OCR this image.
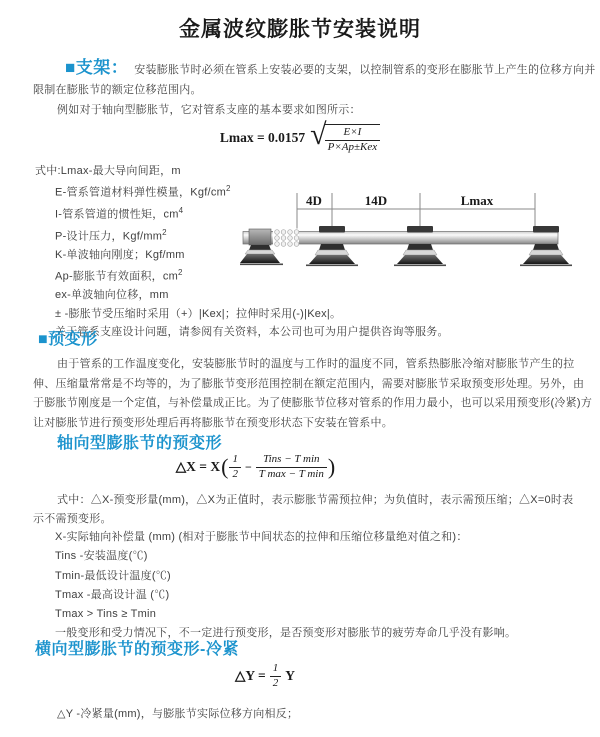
金属波纹膨胀节安装说明
■支架： 安装膨胀节时必须在管系上安装必要的支架，以控制管系的变形在膨胀节上产生的位移方向并
限制在膨胀节的额定位移范围内。
例如对于轴向型膨胀节，它对管系支座的基本要求如图所示：
Lmax = 0.0157 √
$\frac{E\times I}{\text{P×Ap±Kex}}$
式中:Lmax-最大导向间距，m
E-管系管道材料弹性模量，Kgf/$cm^2$
I-管系管道的惯性矩，$cm^4$
P-设计压力，Kgf/$mm^2$
K-单波轴向刚度；Kgf/mm
Ap-膨胀节有效面积，$cm^2$
ex-单波轴向位移，mm
± -膨胀节受压缩时采用（+）|Kex|；拉伸时采用(-)|Kex|。
关于管系支座设计问题，请参阅有关资料，本公司也可为用户提供咨询等服务。
4D	14D	Lmax
■预变形
由于管系的工作温度变化，安装膨胀节时的温度与工作时的温度不同，管系热膨胀冷缩对膨胀节产生的拉
伸、压缩量常常是不均等的，为了膨胀节变形范围控制在额定范围内，需要对膨胀节采取预变形处理。另外，由
于膨胀节刚度是一个定值，与补偿量成正比。为了使膨胀节位移对管系的作用力最小，也可以采用预变形(冷紧)方
让对膨胀节进行预变形处理后再将膨胀节在预变形状态下安装在管系中。
轴向型膨胀节的预变形
△X = X ( $\frac{1}{2} - \frac{\text{Tins − T min}}{\text{T max − T min}}$ )
式中：△X-预变形量(mm)，△X为正值时，表示膨胀节需预拉伸；为负值时，表示需预压缩；△X=0时表
示不需预变形。
X-实际轴向补偿量 (mm) (相对于膨胀节中间状态的拉伸和压缩位移量绝对值之和)：
Tins -安装温度(℃)
Tmin-最低设计温度(℃)
Tmax -最高设计温 (℃)
Tmax > Tins ≥ Tmin
一般变形和受力情况下，不一定进行预变形，是否预变形对膨胀节的疲劳寿命几乎没有影响。
横向型膨胀节的预变形-冷紧
△Y = $\frac{1}{2}$ Y
△Y -冷紧量(mm)，与膨胀节实际位移方向相反；
